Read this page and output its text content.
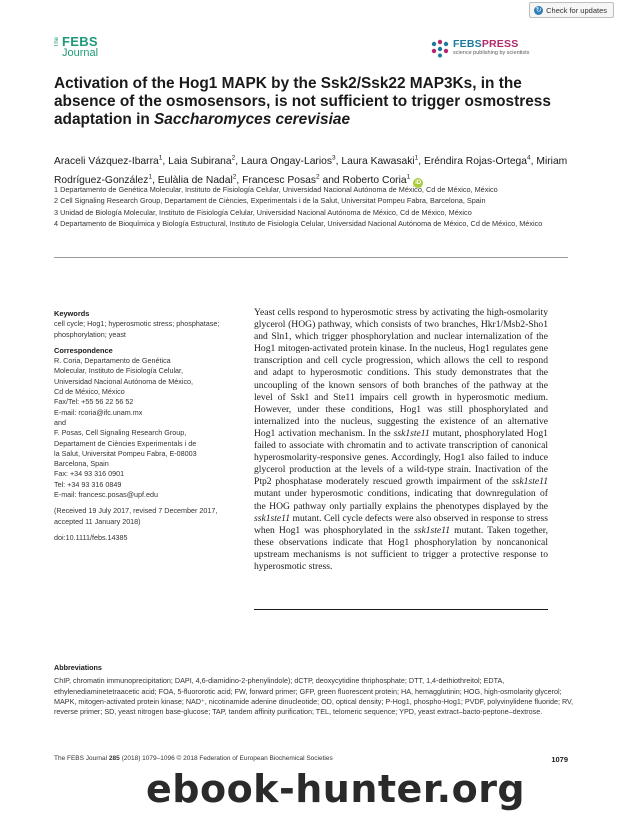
↻ Check for updates
The FEBS
Journal
FEBSPRESS
science publishing by scientists
Activation of the Hog1 MAPK by the Ssk2/Ssk22 MAP3Ks, in the absence of the osmosensors, is not sufficient to trigger osmostress adaptation in Saccharomyces cerevisiae
Araceli Vázquez-Ibarra$^1$, Laia Subirana$^2$, Laura Ongay-Larios$^3$, Laura Kawasaki$^1$, Eréndira Rojas-Ortega$^4$, Miriam Rodríguez-González$^1$, Eulàlia de Nadal$^2$, Francesc Posas$^2$ and Roberto Coria$^1$iD
1 Departamento de Genética Molecular, Instituto de Fisiología Celular, Universidad Nacional Autónoma de México, Cd de México, México
2 Cell Signaling Research Group, Departament de Ciències, Experimentals i de la Salut, Universitat Pompeu Fabra, Barcelona, Spain
3 Unidad de Biología Molecular, Instituto de Fisiología Celular, Universidad Nacional Autónoma de México, Cd de México, México
4 Departamento de Bioquímica y Biología Estructural, Instituto de Fisiología Celular, Universidad Nacional Autónoma de México, Cd de México, México
Keywords
cell cycle; Hog1; hyperosmotic stress; phosphatase; phosphorylation; yeast
Correspondence
R. Coria, Departamento de Genética
Molecular, Instituto de Fisiología Celular,
Universidad Nacional Autónoma de México,
Cd de México, México
Fax/Tel: +55 56 22 56 52
E-mail: rcoria@ifc.unam.mx
and
F. Posas, Cell Signaling Research Group,
Departament de Ciències Experimentals i de
la Salut, Universitat Pompeu Fabra, E-08003
Barcelona, Spain
Fax: +34 93 316 0901
Tel: +34 93 316 0849
E-mail: francesc.posas@upf.edu
(Received 19 July 2017, revised 7 December 2017, accepted 11 January 2018)
doi:10.1111/febs.14385
Yeast cells respond to hyperosmotic stress by activating the high-osmolarity glycerol (HOG) pathway, which consists of two branches, Hkr1/Msb2-Sho1 and Sln1, which trigger phosphorylation and nuclear internalization of the Hog1 mitogen-activated protein kinase. In the nucleus, Hog1 regulates gene transcription and cell cycle progression, which allows the cell to respond and adapt to hyperosmotic conditions. This study demonstrates that the uncoupling of the known sensors of both branches of the pathway at the level of Ssk1 and Ste11 impairs cell growth in hyperosmotic medium. However, under these conditions, Hog1 was still phosphorylated and internalized into the nucleus, suggesting the existence of an alternative Hog1 activation mechanism. In the ssk1ste11 mutant, phosphorylated Hog1 failed to associate with chromatin and to activate transcription of canonical hyperosmolarity-responsive genes. Accordingly, Hog1 also failed to induce glycerol production at the levels of a wild-type strain. Inactivation of the Ptp2 phosphatase moderately rescued growth impairment of the ssk1ste11 mutant under hyperosmotic conditions, indicating that downregulation of the HOG pathway only partially explains the phenotypes displayed by the ssk1ste11 mutant. Cell cycle defects were also observed in response to stress when Hog1 was phosphorylated in the ssk1ste11 mutant. Taken together, these observations indicate that Hog1 phosphorylation by noncanonical upstream mechanisms is not sufficient to trigger a protective response to hyperosmotic stress.
Abbreviations
ChIP, chromatin immunoprecipitation; DAPI, 4,6-diamidino-2-phenylindole); dCTP, deoxycytidine thriphosphate; DTT, 1,4-dethiothreitol; EDTA, ethylenediaminetetraacetic acid; FOA, 5-fluororotic acid; FW, forward primer; GFP, green fluorescent protein; HA, hemagglutinin; HOG, high-osmolarity glycerol; MAPK, mitogen-activated protein kinase; NAD⁺, nicotinamide adenine dinucleotide; OD, optical density; P-Hog1, phospho-Hog1; PVDF, polyvinylidene fluoride; RV, reverse primer; SD, yeast nitrogen base-glucose; TAP, tandem affinity purification; TEL, telomeric sequence; YPD, yeast extract–bacto-peptone–dextrose.
The FEBS Journal 285 (2018) 1079–1096 © 2018 Federation of European Biochemical Societies	1079
ebook-hunter.org
